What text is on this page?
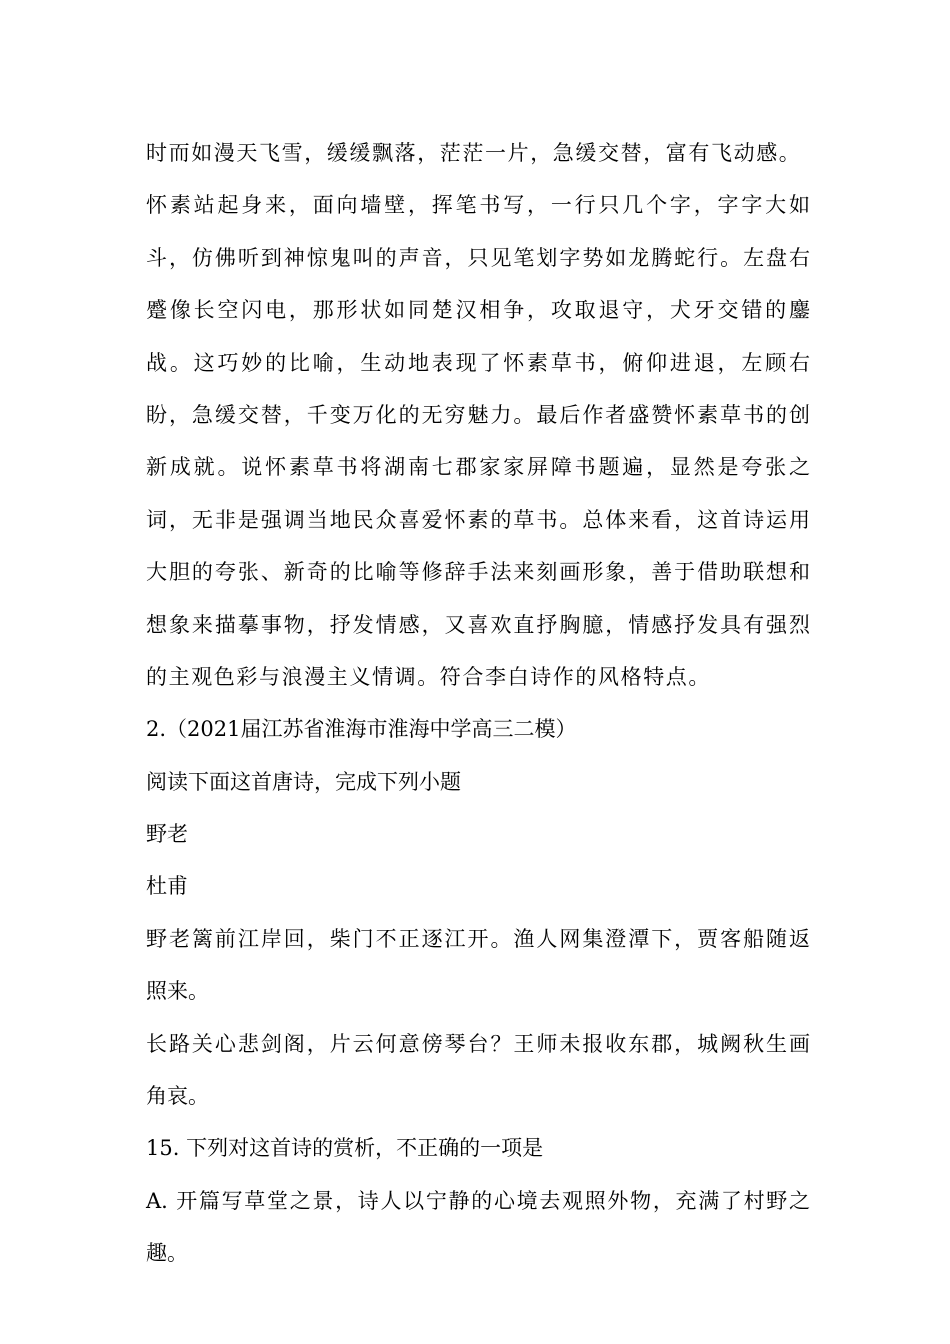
时而如漫天飞雪，缓缓飘落，茫茫一片，急缓交替，富有飞动感。
怀素站起身来，面向墙壁，挥笔书写，一行只几个字，字字大如
斗，仿佛听到神惊鬼叫的声音，只见笔划字势如龙腾蛇行。左盘右
蹙像长空闪电，那形状如同楚汉相争，攻取退守，犬牙交错的鏖
战。这巧妙的比喻，生动地表现了怀素草书，俯仰进退，左顾右
盼，急缓交替，千变万化的无穷魅力。最后作者盛赞怀素草书的创
新成就。说怀素草书将湖南七郡家家屏障书题遍，显然是夸张之
词，无非是强调当地民众喜爱怀素的草书。总体来看，这首诗运用
大胆的夸张、新奇的比喻等修辞手法来刻画形象，善于借助联想和
想象来描摹事物，抒发情感，又喜欢直抒胸臆，情感抒发具有强烈
的主观色彩与浪漫主义情调。符合李白诗作的风格特点。
2.（2021届江苏省淮海市淮海中学高三二模）
阅读下面这首唐诗，完成下列小题
野老
杜甫
野老篱前江岸回，柴门不正逐江开。渔人网集澄潭下，贾客船随返
照来。
长路关心悲剑阁，片云何意傍琴台？王师未报收东郡，城阙秋生画
角哀。
15. 下列对这首诗的赏析，不正确的一项是
A. 开篇写草堂之景，诗人以宁静的心境去观照外物，充满了村野之
趣。
